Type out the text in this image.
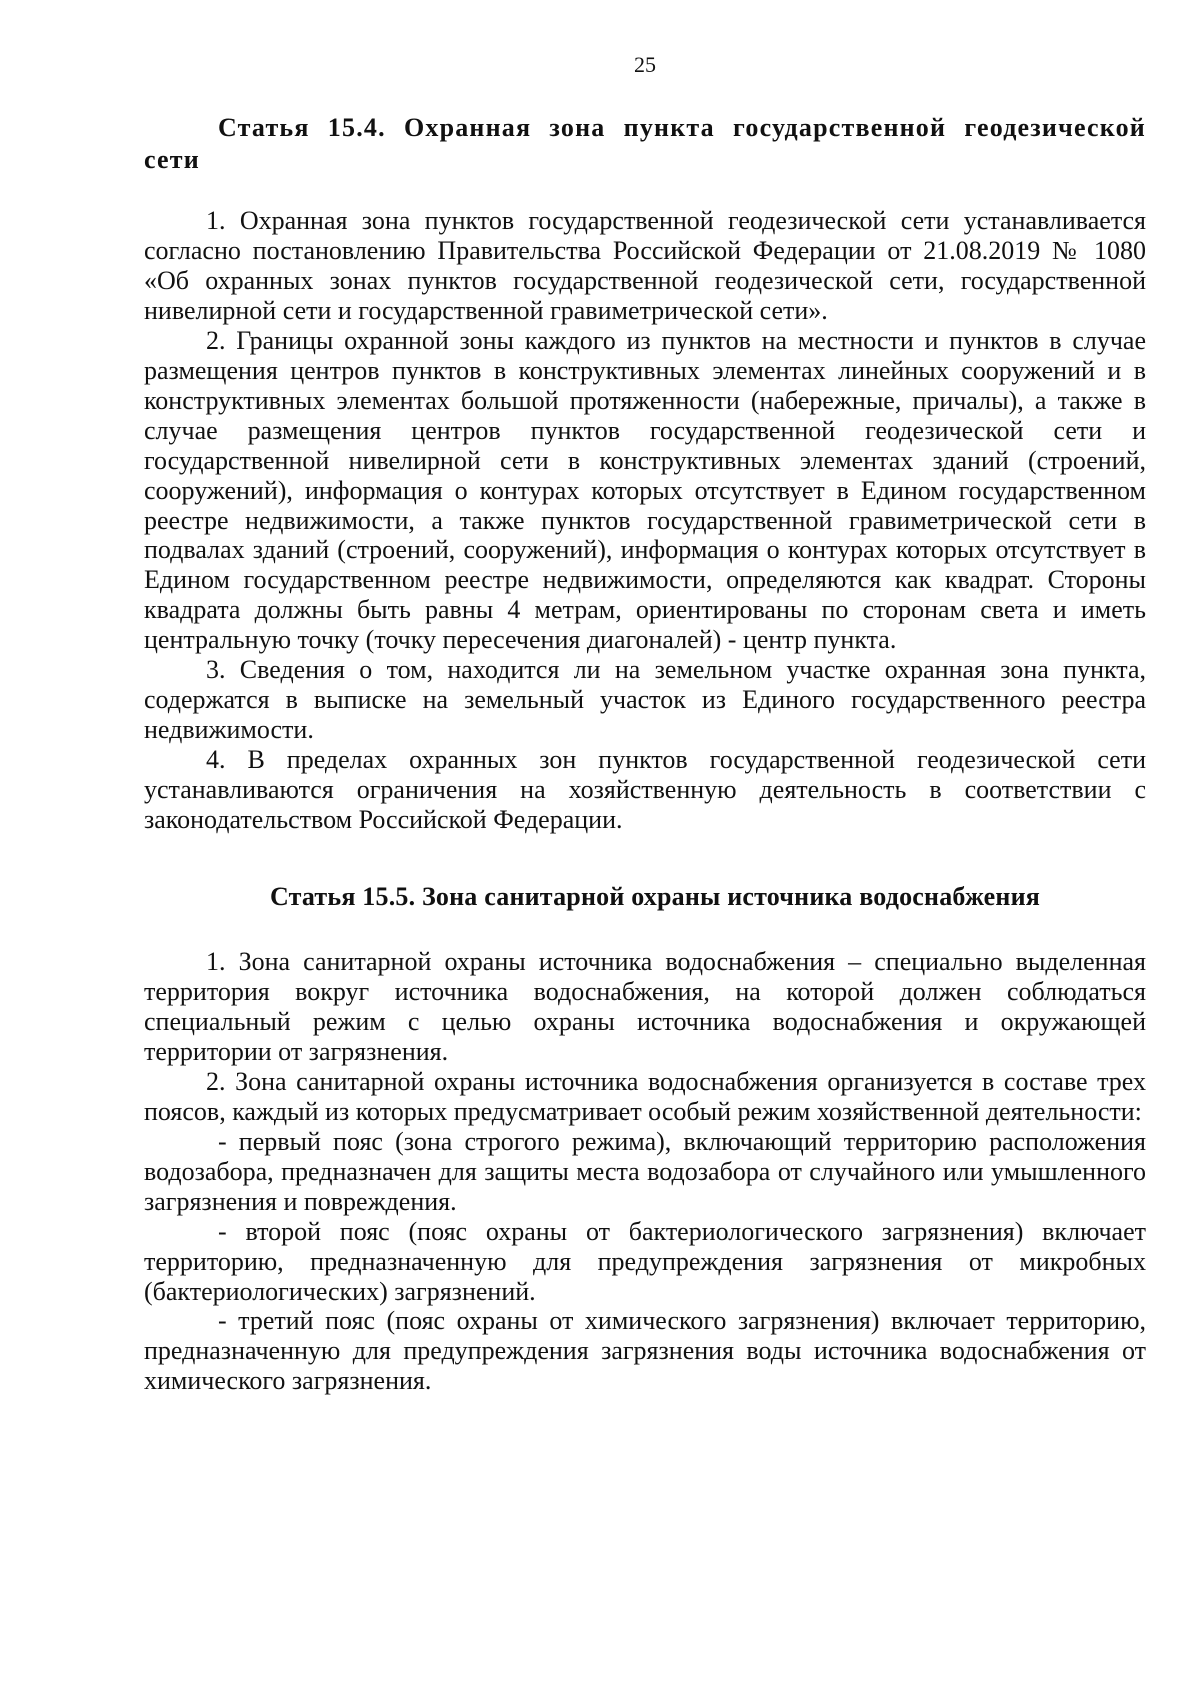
25
Статья 15.4. Охранная зона пункта государственной геодезической сети

1. Охранная зона пунктов государственной геодезической сети устанавливается согласно постановлению Правительства Российской Федерации от 21.08.2019 № 1080 «Об охранных зонах пунктов государственной геодезической сети, государственной нивелирной сети и государственной гравиметрической сети».

2. Границы охранной зоны каждого из пунктов на местности и пунктов в случае размещения центров пунктов в конструктивных элементах линейных сооружений и в конструктивных элементах большой протяженности (набережные, причалы), а также в случае размещения центров пунктов государственной геодезической сети и государственной нивелирной сети в конструктивных элементах зданий (строений, сооружений), информация о контурах которых отсутствует в Едином государственном реестре недвижимости, а также пунктов государственной гравиметрической сети в подвалах зданий (строений, сооружений), информация о контурах которых отсутствует в Едином государственном реестре недвижимости, определяются как квадрат. Стороны квадрата должны быть равны 4 метрам, ориентированы по сторонам света и иметь центральную точку (точку пересечения диагоналей) - центр пункта.

3. Сведения о том, находится ли на земельном участке охранная зона пункта, содержатся в выписке на земельный участок из Единого государственного реестра недвижимости.

4. В пределах охранных зон пунктов государственной геодезической сети устанавливаются ограничения на хозяйственную деятельность в соответствии с законодательством Российской Федерации.

Статья 15.5. Зона санитарной охраны источника водоснабжения

1. Зона санитарной охраны источника водоснабжения – специально выделенная территория вокруг источника водоснабжения, на которой должен соблюдаться специальный режим с целью охраны источника водоснабжения и окружающей территории от загрязнения.

2. Зона санитарной охраны источника водоснабжения организуется в составе трех поясов, каждый из которых предусматривает особый режим хозяйственной деятельности:

- первый пояс (зона строгого режима), включающий территорию расположения водозабора, предназначен для защиты места водозабора от случайного или умышленного загрязнения и повреждения.

- второй пояс (пояс охраны от бактериологического загрязнения) включает территорию, предназначенную для предупреждения загрязнения от микробных (бактериологических) загрязнений.

- третий пояс (пояс охраны от химического загрязнения) включает территорию, предназначенную для предупреждения загрязнения воды источника водоснабжения от химического загрязнения.
